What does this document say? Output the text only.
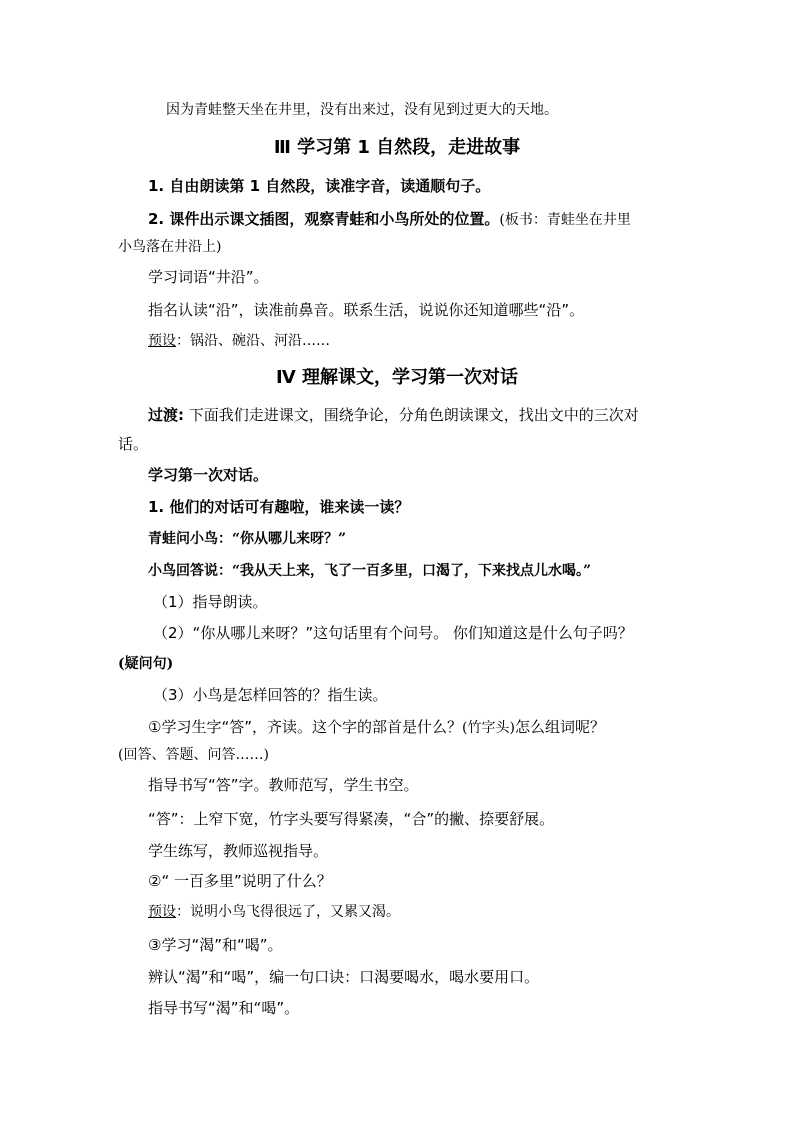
因为青蛙整天坐在井里，没有出来过，没有见到过更大的天地。
Ⅲ 学习第 1 自然段，走进故事
1. 自由朗读第 1 自然段，读准字音，读通顺句子。
2. 课件出示课文插图，观察青蛙和小鸟所处的位置。(板书：青蛙坐在井里
小鸟落在井沿上)
学习词语“井沿”。
指名认读“沿”，读准前鼻音。联系生活，说说你还知道哪些“沿”。
预设：锅沿、碗沿、河沿……
Ⅳ 理解课文，学习第一次对话
过渡: 下面我们走进课文，围绕争论，分角色朗读课文，找出文中的三次对
话。
学习第一次对话。
1. 他们的对话可有趣啦，谁来读一读？
青蛙问小鸟：“你从哪儿来呀？”
小鸟回答说：“我从天上来，飞了一百多里，口渴了，下来找点儿水喝。”
（1）指导朗读。
（2）“你从哪儿来呀？”这句话里有个问号。 你们知道这是什么句子吗？
(疑问句)
（3）小鸟是怎样回答的？指生读。
①学习生字“答”，齐读。这个字的部首是什么？(竹字头)怎么组词呢？
(回答、答题、问答……)
指导书写“答”字。教师范写，学生书空。
“答”：上窄下宽，竹字头要写得紧凑，“合”的撇、捺要舒展。
学生练写，教师巡视指导。
②“ 一百多里”说明了什么？
预设：说明小鸟飞得很远了，又累又渴。
③学习“渴”和“喝”。
辨认“渴”和“喝”，编一句口诀：口渴要喝水，喝水要用口。
指导书写“渴”和“喝”。
